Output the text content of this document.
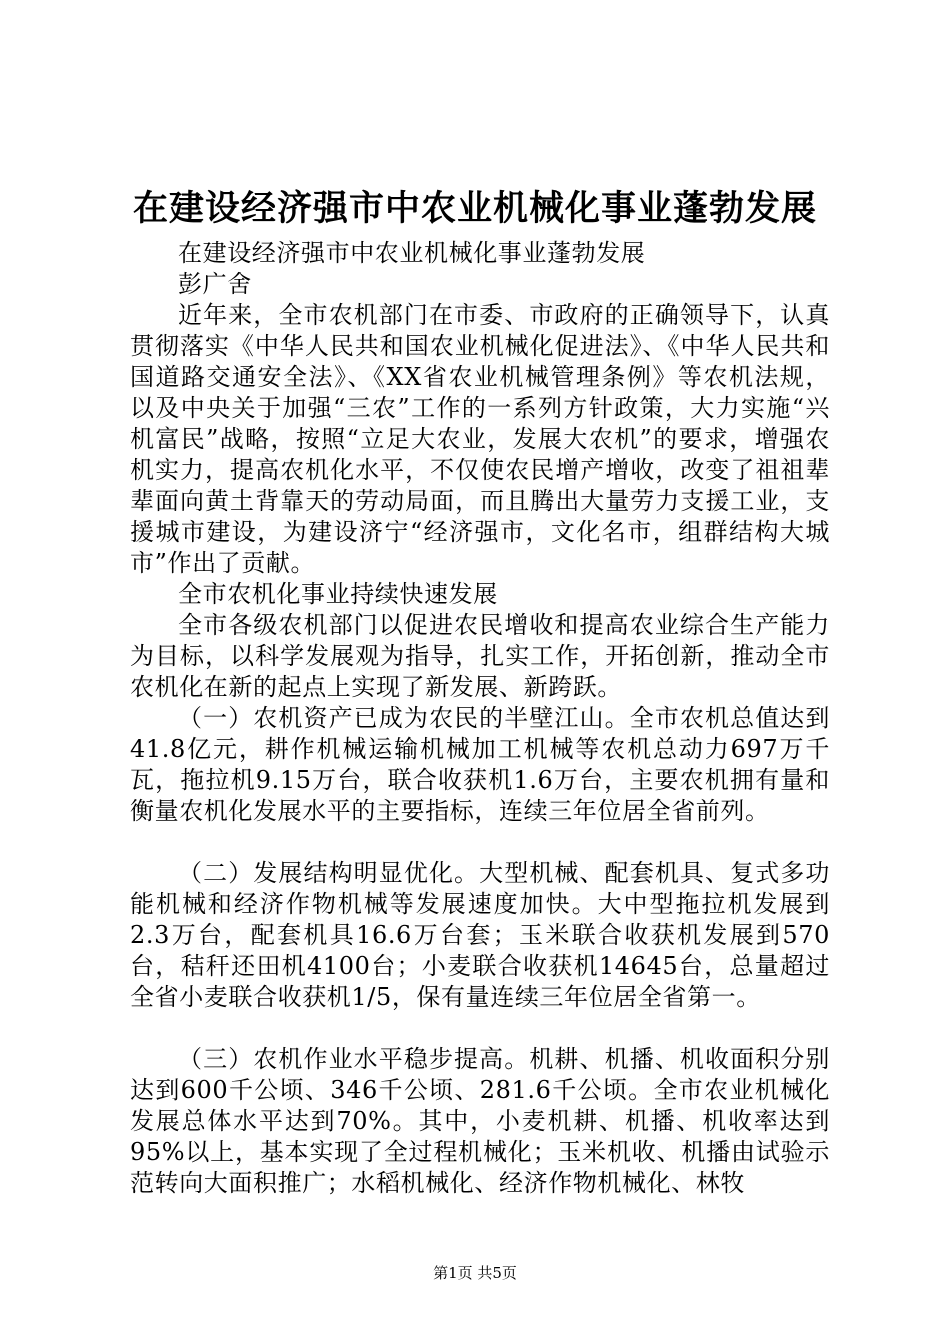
在建设经济强市中农业机械化事业蓬勃发展

在建设经济强市中农业机械化事业蓬勃发展

彭广舍

近年来，全市农机部门在市委、市政府的正确领导下，认真贯彻落实《中华人民共和国农业机械化促进法》、《中华人民共和国道路交通安全法》、《XX省农业机械管理条例》等农机法规，以及中央关于加强“三农”工作的一系列方针政策，大力实施“兴机富民”战略，按照“立足大农业，发展大农机”的要求，增强农机实力，提高农机化水平，不仅使农民增产增收，改变了祖祖辈辈面向黄土背靠天的劳动局面，而且腾出大量劳力支援工业，支援城市建设，为建设济宁“经济强市，文化名市，组群结构大城市”作出了贡献。

全市农机化事业持续快速发展

全市各级农机部门以促进农民增收和提高农业综合生产能力为目标，以科学发展观为指导，扎实工作，开拓创新，推动全市农机化在新的起点上实现了新发展、新跨跃。

（一）农机资产已成为农民的半壁江山。全市农机总值达到41.8亿元，耕作机械运输机械加工机械等农机总动力697万千瓦，拖拉机9.15万台，联合收获机1.6万台，主要农机拥有量和衡量农机化发展水平的主要指标，连续三年位居全省前列。

（二）发展结构明显优化。大型机械、配套机具、复式多功能机械和经济作物机械等发展速度加快。大中型拖拉机发展到2.3万台，配套机具16.6万台套；玉米联合收获机发展到570台，秸秆还田机4100台；小麦联合收获机14645台，总量超过全省小麦联合收获机1/5，保有量连续三年位居全省第一。

（三）农机作业水平稳步提高。机耕、机播、机收面积分别达到600千公顷、346千公顷、281.6千公顷。全市农业机械化发展总体水平达到70%。其中，小麦机耕、机播、机收率达到95%以上，基本实现了全过程机械化；玉米机收、机播由试验示范转向大面积推广；水稻机械化、经济作物机械化、林牧

第1页 共5页
